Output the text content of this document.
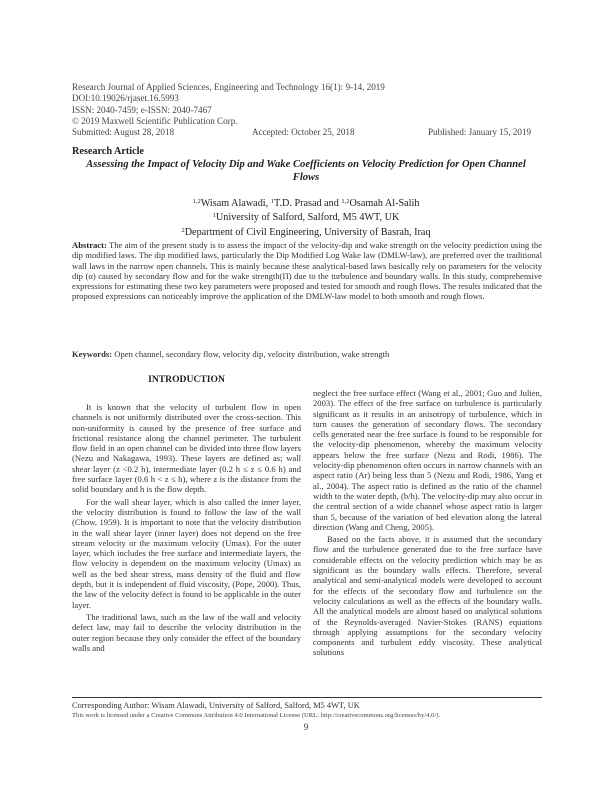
Research Journal of Applied Sciences, Engineering and Technology 16(1): 9-14, 2019
DOI:10.19026/rjaset.16.5993
ISSN: 2040-7459; e-ISSN: 2040-7467
© 2019 Maxwell Scientific Publication Corp.
Submitted: August 28, 2018	Accepted: October 25, 2018	Published: January 15, 2019
Research Article
Assessing the Impact of Velocity Dip and Wake Coefficients on Velocity Prediction for Open Channel Flows
$^{1,2}$Wisam Alawadi, $^1$T.D. Prasad and $^{1,2}$Osamah Al-Salih
$^1$University of Salford, Salford, M5 4WT, UK
$^2$Department of Civil Engineering, University of Basrah, Iraq
Abstract: The aim of the present study is to assess the impact of the velocity-dip and wake strength on the velocity prediction using the dip modified laws. The dip modified laws, particularly the Dip Modified Log Wake law (DMLW-law), are preferred over the traditional wall laws in the narrow open channels. This is mainly because these analytical-based laws basically rely on parameters for the velocity dip (α) caused by secondary flow and for the wake strength(Π) due to the turbulence and boundary walls. In this study, comprehensive expressions for estimating these two key parameters were proposed and tested for smooth and rough flows. The results indicated that the proposed expressions can noticeably improve the application of the DMLW-law model to both smooth and rough flows.
Keywords: Open channel, secondary flow, velocity dip, velocity distribution, wake strength
INTRODUCTION

It is known that the velocity of turbulent flow in open channels is not uniformly distributed over the cross-section. This non-uniformity is caused by the presence of free surface and frictional resistance along the channel perimeter. The turbulent flow field in an open channel can be divided into three flow layers (Nezu and Nakagawa, 1993). These layers are defined as; wall shear layer (z <0.2 h), intermediate layer (0.2 h ≤ z ≤ 0.6 h) and free surface layer (0.6 h < z ≤ h), where z is the distance from the solid boundary and h is the flow depth.

For the wall shear layer, which is also called the inner layer, the velocity distribution is found to follow the law of the wall (Chow, 1959). It is important to note that the velocity distribution in the wall shear layer (inner layer) does not depend on the free stream velocity or the maximum velocity (Umax). For the outer layer, which includes the free surface and intermediate layers, the flow velocity is dependent on the maximum velocity (Umax) as well as the bed shear stress, mass density of the fluid and flow depth, but it is independent of fluid viscosity, (Pope, 2000). Thus, the law of the velocity defect is found to be applicable in the outer layer.

The traditional laws, such as the law of the wall and velocity defect law, may fail to describe the velocity distribution in the outer region because they only consider the effect of the boundary walls and

neglect the free surface effect (Wang et al., 2001; Guo and Julien, 2003). The effect of the free surface on turbulence is particularly significant as it results in an anisotropy of turbulence, which in turn causes the generation of secondary flows. The secondary cells generated near the free surface is found to be responsible for the velocity-dip phenomenon, whereby the maximum velocity appears below the free surface (Nezu and Rodi, 1986). The velocity-dip phenomenon often occurs in narrow channels with an aspect ratio (Ar) being less than 5 (Nezu and Rodi, 1986, Yang et al., 2004). The aspect ratio is defined as the ratio of the channel width to the water depth, (b/h). The velocity-dip may also occur in the central section of a wide channel whose aspect ratio is larger than 5, because of the variation of bed elevation along the lateral direction (Wang and Cheng, 2005).

Based on the facts above, it is assumed that the secondary flow and the turbulence generated due to the free surface have considerable effects on the velocity prediction which may be as significant as the boundary walls effects. Therefore, several analytical and semi-analytical models were developed to account for the effects of the secondary flow and turbulence on the velocity calculations as well as the effects of the boundary walls. All the analytical models are almost based on analytical solutions of the Reynolds-averaged Navier-Stokes (RANS) equations through applying assumptions for the secondary velocity components and turbulent eddy viscosity. These analytical solutions

Corresponding Author: Wisam Alawadi, University of Salford, Salford, M5 4WT, UK
This work is licensed under a Creative Commons Attribution 4.0 International License (URL: http://creativecommons.org/licenses/by/4.0/).
9
